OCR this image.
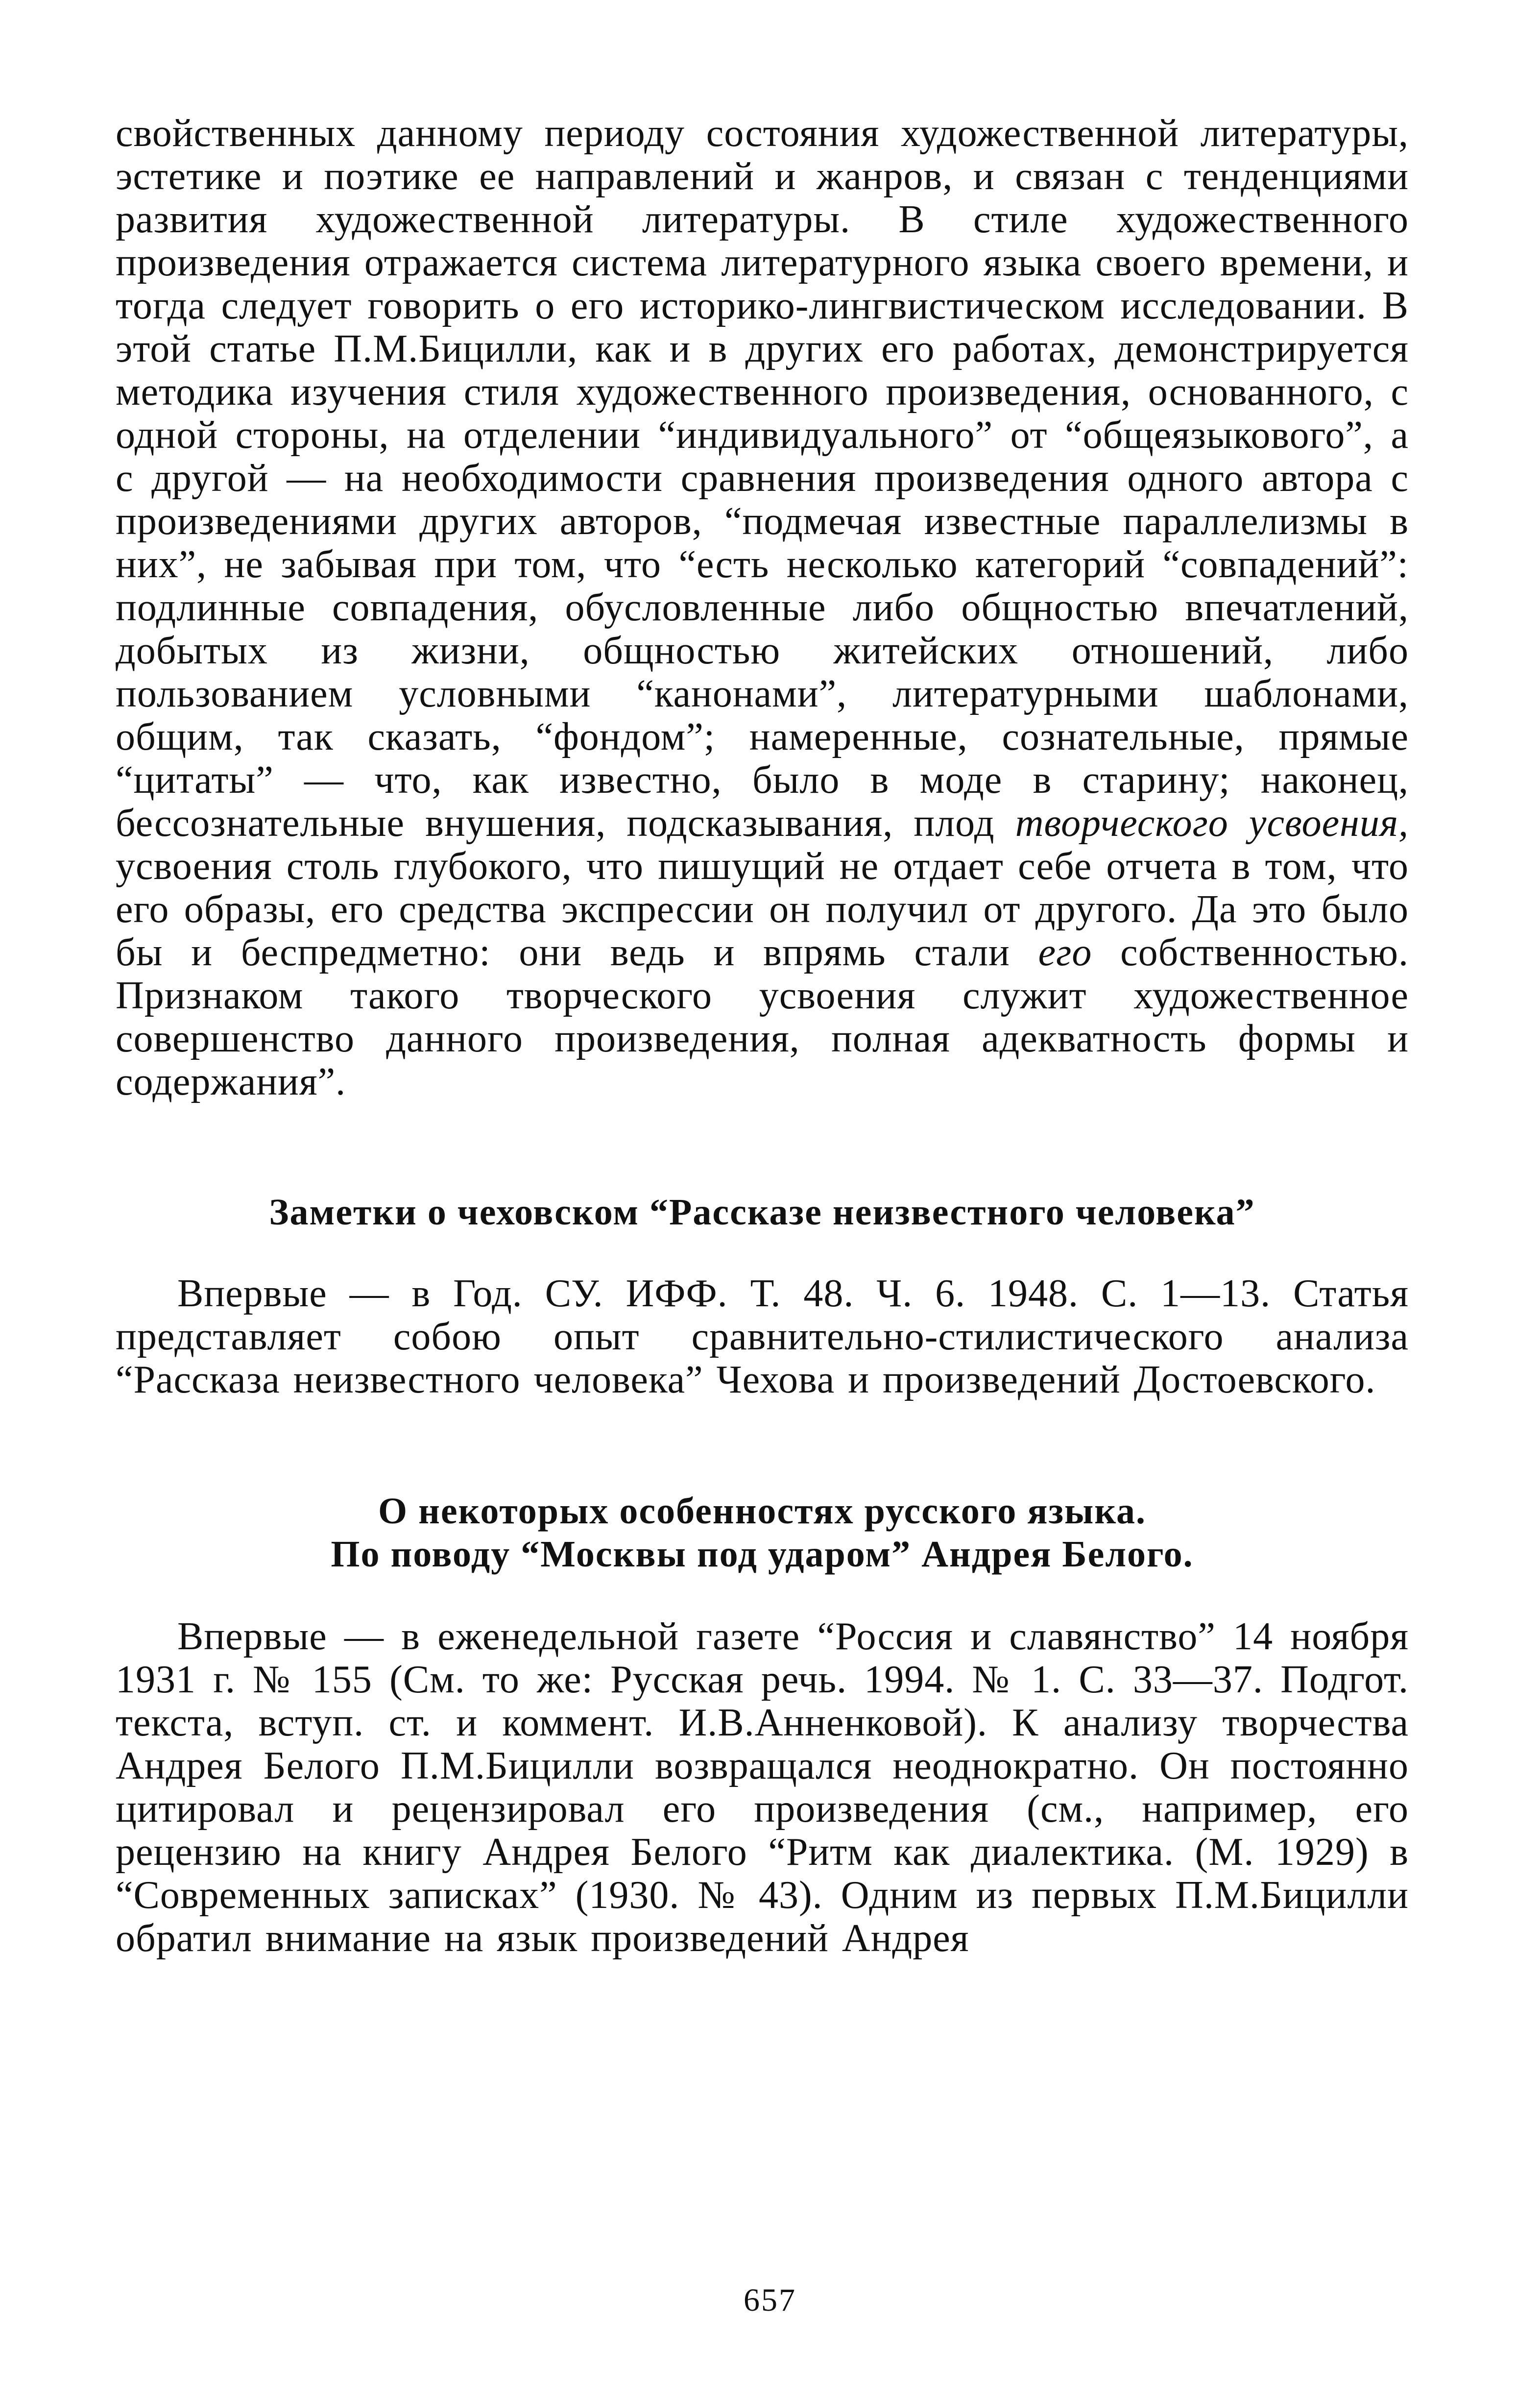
свойственных данному периоду состояния художественной литературы, эстетике и поэтике ее направлений и жанров, и связан с тенденциями развития художественной литературы. В стиле художественного произведения отражается система литературного языка своего времени, и тогда следует говорить о его историко-лингвистическом исследовании. В этой статье П.М.Бицилли, как и в других его работах, демонстрируется методика изучения стиля художественного произведения, основанного, с одной стороны, на отделении “индивидуального” от “общеязыкового”, а с другой — на необходимости сравнения произведения одного автора с произведениями других авторов, “подмечая известные параллелизмы в них”, не забывая при том, что “есть несколько категорий “совпадений”: подлинные совпадения, обусловленные либо общностью впечатлений, добытых из жизни, общностью житейских отношений, либо пользованием условными “канонами”, литературными шаблонами, общим, так сказать, “фондом”; намеренные, сознательные, прямые “цитаты” — что, как известно, было в моде в старину; наконец, бессознательные внушения, подсказывания, плод творческого усвоения, усвоения столь глубокого, что пишущий не отдает себе отчета в том, что его образы, его средства экспрессии он получил от другого. Да это было бы и беспредметно: они ведь и впрямь стали его собственностью. Признаком такого творческого усвоения служит художественное совершенство данного произведения, полная адекватность формы и содержания”.

Заметки о чеховском “Рассказе неизвестного человека”

Впервые — в Год. СУ. ИФФ. Т. 48. Ч. 6. 1948. С. 1—13. Статья представляет собою опыт сравнительно-стилистического анализа “Рассказа неизвестного человека” Чехова и произведений Достоевского.

О некоторых особенностях русского языка.
По поводу “Москвы под ударом” Андрея Белого.

Впервые — в еженедельной газете “Россия и славянство” 14 ноября 1931 г. № 155 (См. то же: Русская речь. 1994. № 1. С. 33—37. Подгот. текста, вступ. ст. и коммент. И.В.Анненковой). К анализу творчества Андрея Белого П.М.Бицилли возвращался неоднократно. Он постоянно цитировал и рецензировал его произведения (см., например, его рецензию на книгу Андрея Белого “Ритм как диалектика. (М. 1929) в “Современных записках” (1930. № 43). Одним из первых П.М.Бицилли обратил внимание на язык произведений Андрея

657
